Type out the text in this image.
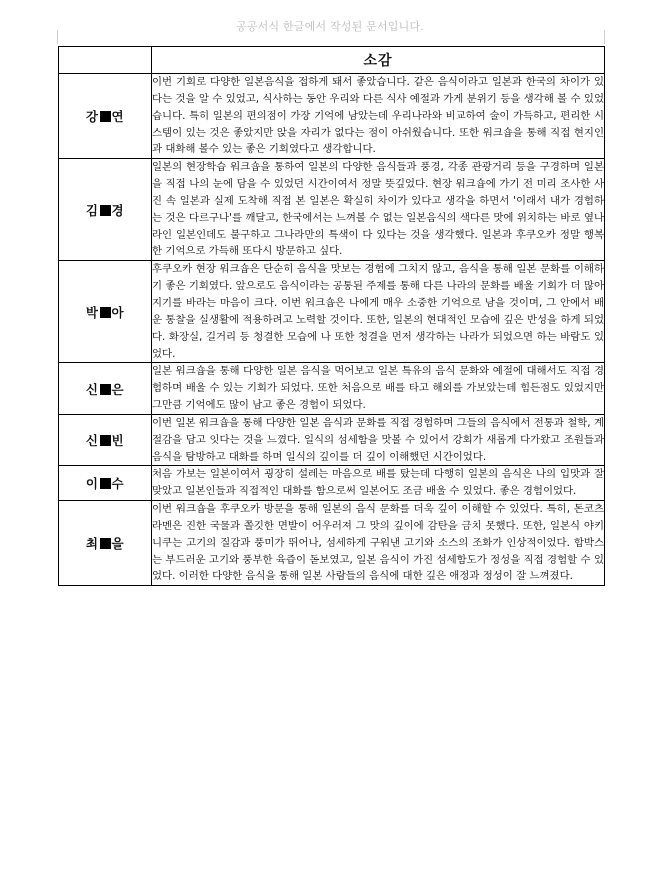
공공서식 한글에서 작성된 문서입니다.
	소감
강 연	이번 기회로 다양한 일본음식을 접하게 돼서 좋았습니다. 같은 음식이라고 일본과 한국의 차이가 있다는 것을 알 수 있었고, 식사하는 동안 우리와 다른 식사 예절과 가게 분위기 등을 생각해 볼 수 있었습니다. 특히 일본의 편의점이 가장 기억에 남았는데 우리나라와 비교하여 술이 가득하고, 편리한 시스템이 있는 것은 좋았지만 앉을 자리가 없다는 점이 아쉬웠습니다. 또한 워크숍을 통해 직접 현지인과 대화해 볼수 있는 좋은 기회였다고 생각합니다.

김 경	일본의 현장학습 워크숍을 통하여 일본의 다양한 음식들과 풍경, 각종 관광거리 등을 구경하며 일본을 직접 나의 눈에 담을 수 있었던 시간이여서 정말 뜻깊었다. 현장 워크숍에 가기 전 미리 조사한 사진 속 일본과 실제 도착해 직접 본 일본은 확실히 차이가 있다고 생각을 하면서 '이래서 내가 경험하는 것은 다르구나'를 깨달고, 한국에서는 느껴볼 수 없는 일본음식의 색다른 맛에 위치하는 바로 옆나라인 일본인데도 불구하고 그나라만의 특색이 다 있다는 것을 생각했다. 일본과 후쿠오카 정말 행복한 기억으로 가득해 또다시 방문하고 싶다.

박 아	후쿠오카 현장 워크숍은 단순히 음식을 맛보는 경험에 그치지 않고, 음식을 통해 일본 문화를 이해하기 좋은 기회였다. 앞으로도 음식이라는 공통된 주제를 통해 다른 나라의 문화를 배울 기회가 더 많아지기를 바라는 마음이 크다. 이번 워크숍은 나에게 매우 소중한 기억으로 남을 것이며, 그 안에서 배운 통찰을 실생활에 적용하려고 노력할 것이다. 또한, 일본의 현대적인 모습에 깊은 반성을 하게 되었다. 화장실, 길거리 등 청결한 모습에 나 또한 청결을 먼저 생각하는 나라가 되었으면 하는 바람도 있었다.

신 은	일본 워크숍을 통해 다양한 일본 음식을 먹어보고 일본 특유의 음식 문화와 예절에 대해서도 직접 경험하며 배울 수 있는 기회가 되었다. 또한 처음으로 배를 타고 해외를 가보았는데 힘든점도 있었지만 그만큼 기억에도 많이 남고 좋은 경험이 되었다.

신 빈	이번 일본 워크숍을 통해 다양한 일본 음식과 문화를 직접 경험하며 그들의 음식에서 전통과 철학, 계절감을 담고 잇다는 것을 느꼈다. 일식의 섬세함을 맛볼 수 있어서 강회가 새롭게 다가왔고 조원들과 음식을 탐방하고 대화를 하며 일식의 깊이를 더 깊이 이해했던 시간이었다.

이 수	처음 가보는 일본이여서 굉장히 설레는 마음으로 배를 탔는데 다행히 일본의 음식은 나의 입맛과 잘 맞았고 일본인들과 직접적인 대화를 함으로써 일본어도 조금 배울 수 있었다. 좋은 경험이었다.

최 을	이번 워크숍을 후쿠오카 방문을 통해 일본의 음식 문화를 더욱 깊이 이해할 수 있었다. 특히, 돈코츠 라멘은 진한 국물과 쫄깃한 면발이 어우러져 그 맛의 깊이에 감탄을 금치 못했다. 또한, 일본식 야키니쿠는 고기의 질감과 풍미가 뛰어나, 섬세하게 구워낸 고기와 소스의 조화가 인상적이었다. 합박스는 부드러운 고기와 풍부한 육즙이 돋보였고, 일본 음식이 가진 섬세함도가 정성을 직접 경험할 수 있었다. 이러한 다양한 음식을 통해 일본 사람들의 음식에 대한 깊은 애정과 정성이 잘 느껴졌다.
